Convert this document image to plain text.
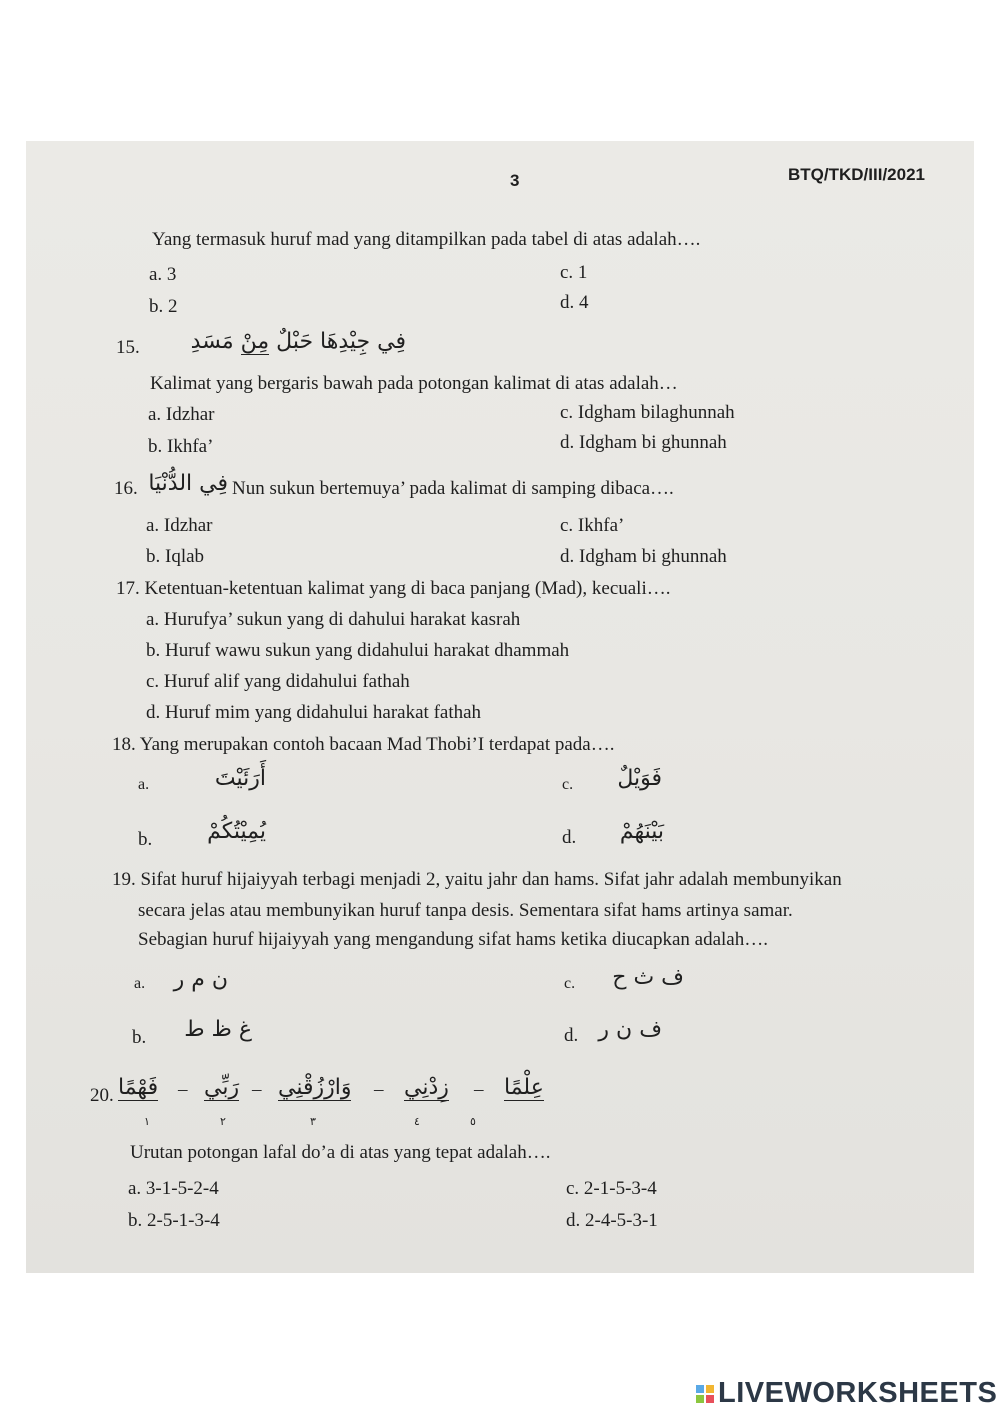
3	BTQ/TKD/III/2021
Yang termasuk huruf mad yang ditampilkan pada tabel di atas adalah….
a. 3	c. 1
b. 2	d. 4
15.	فِي جِيْدِهَا حَبْلٌ مِنْ مَسَدِ
Kalimat yang bergaris bawah pada potongan kalimat di atas adalah…
a. Idzhar	c. Idgham bilaghunnah
b. Ikhfa’	d. Idgham bi ghunnah
16. فِي الدُّنْيَا Nun sukun bertemuya’ pada kalimat di samping dibaca….
a. Idzhar	c. Ikhfa’
b. Iqlab	d. Idgham bi ghunnah
17. Ketentuan-ketentuan kalimat yang di baca panjang (Mad), kecuali….
a. Hurufya’ sukun yang di dahului harakat kasrah
b. Huruf wawu sukun yang didahului harakat dhammah
c. Huruf alif yang didahului fathah
d. Huruf mim yang didahului harakat fathah
18. Yang merupakan contoh bacaan Mad Thobi’I terdapat pada….
a.	أَرَئَيْتَ	c.	فَوَيْلٌ
b.	يُمِيْتُكُمْ	d.	بَيْنَهُمْ
19. Sifat huruf hijaiyyah terbagi menjadi 2, yaitu jahr dan hams. Sifat jahr adalah membunyikan
secara jelas atau membunyikan huruf tanpa desis. Sementara sifat hams artinya samar.
Sebagian huruf hijaiyyah yang mengandung sifat hams ketika diucapkan adalah….
a.	ن م ر	c.	ف ث ح
b.	غ ظ ط	d. ف ن ر
20. فَهْمًا
١
– رَبِّي
٢
– وَارْزُقْنِي
٣
– زِدْنِي
٤
– عِلْمًا
٥
Urutan potongan lafal do’a di atas yang tepat adalah….
a. 3-1-5-2-4	c. 2-1-5-3-4
b. 2-5-1-3-4	d. 2-4-5-3-1
LIVEWORKSHEETS
